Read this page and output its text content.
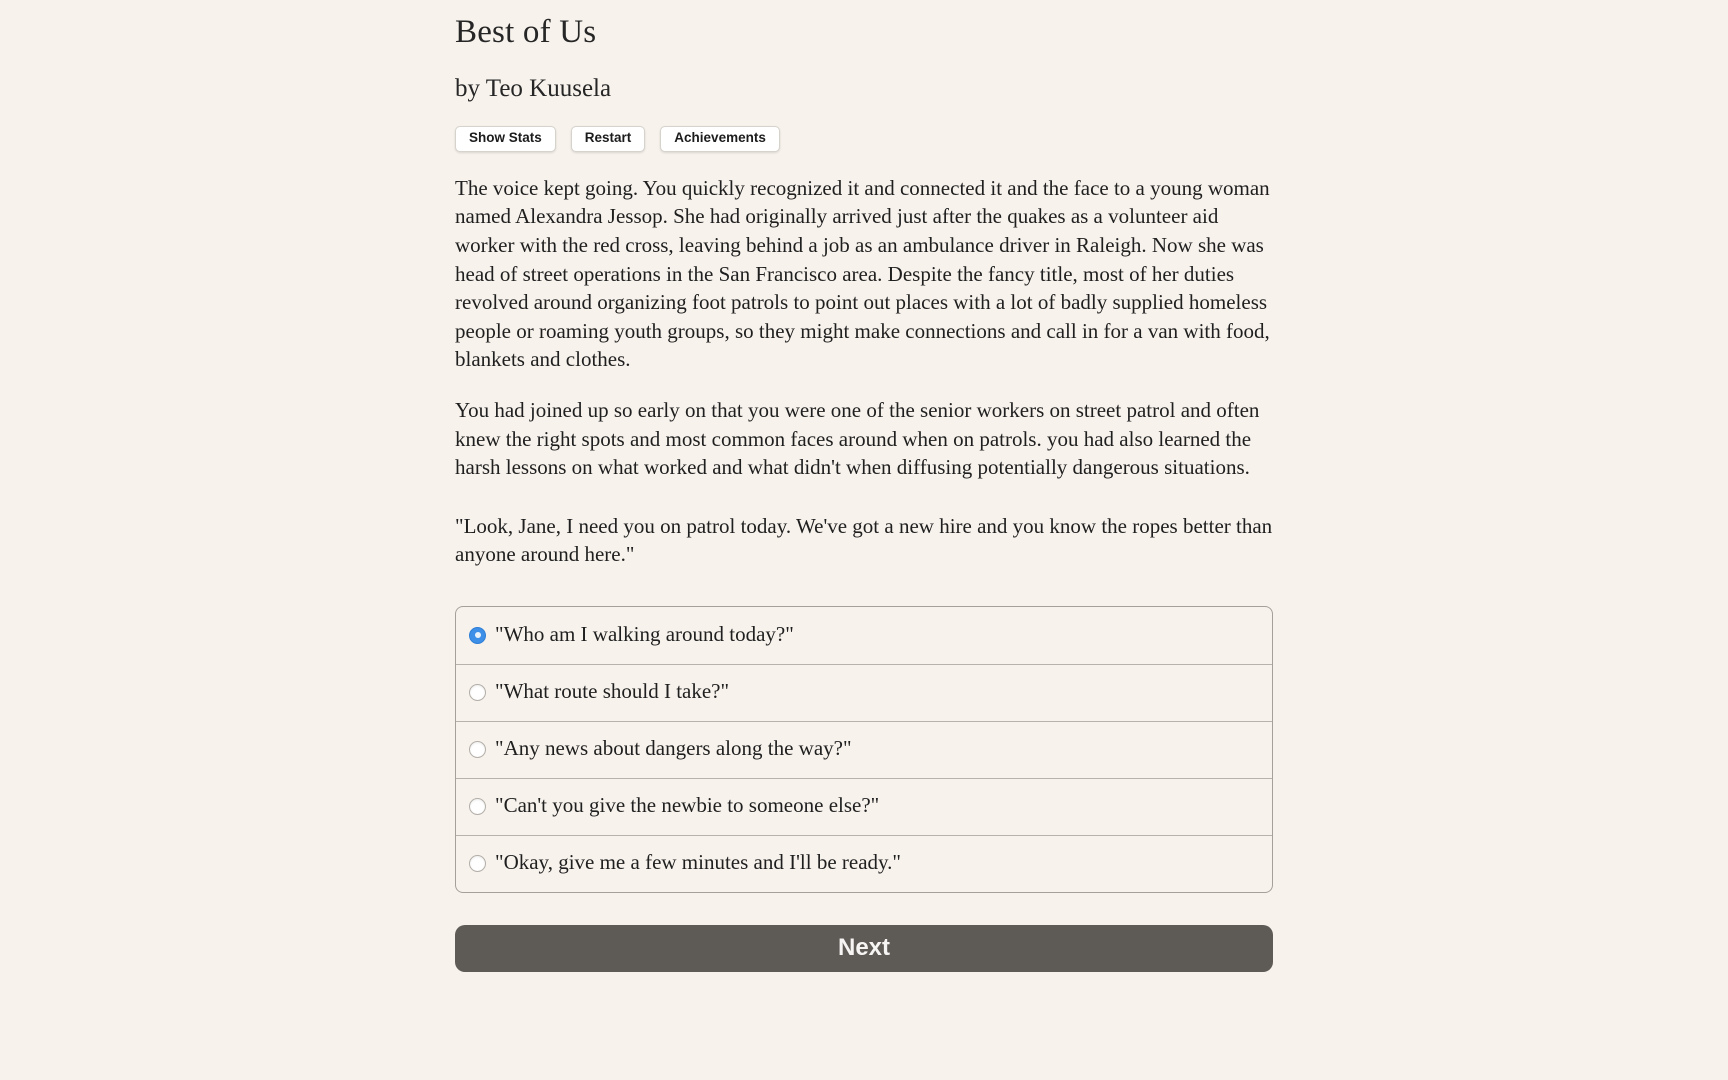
Best of Us
by Teo Kuusela
Show Stats	Restart	Achievements

The voice kept going. You quickly recognized it and connected it and the face to a young woman named Alexandra Jessop. She had originally arrived just after the quakes as a volunteer aid worker with the red cross, leaving behind a job as an ambulance driver in Raleigh. Now she was head of street operations in the San Francisco area. Despite the fancy title, most of her duties revolved around organizing foot patrols to point out places with a lot of badly supplied homeless people or roaming youth groups, so they might make connections and call in for a van with food, blankets and clothes.

You had joined up so early on that you were one of the senior workers on street patrol and often knew the right spots and most common faces around when on patrols. you had also learned the harsh lessons on what worked and what didn't when diffusing potentially dangerous situations.

"Look, Jane, I need you on patrol today. We've got a new hire and you know the ropes better than anyone around here."

"Who am I walking around today?"
"What route should I take?"
"Any news about dangers along the way?"
"Can't you give the newbie to someone else?"
"Okay, give me a few minutes and I'll be ready."
Next
